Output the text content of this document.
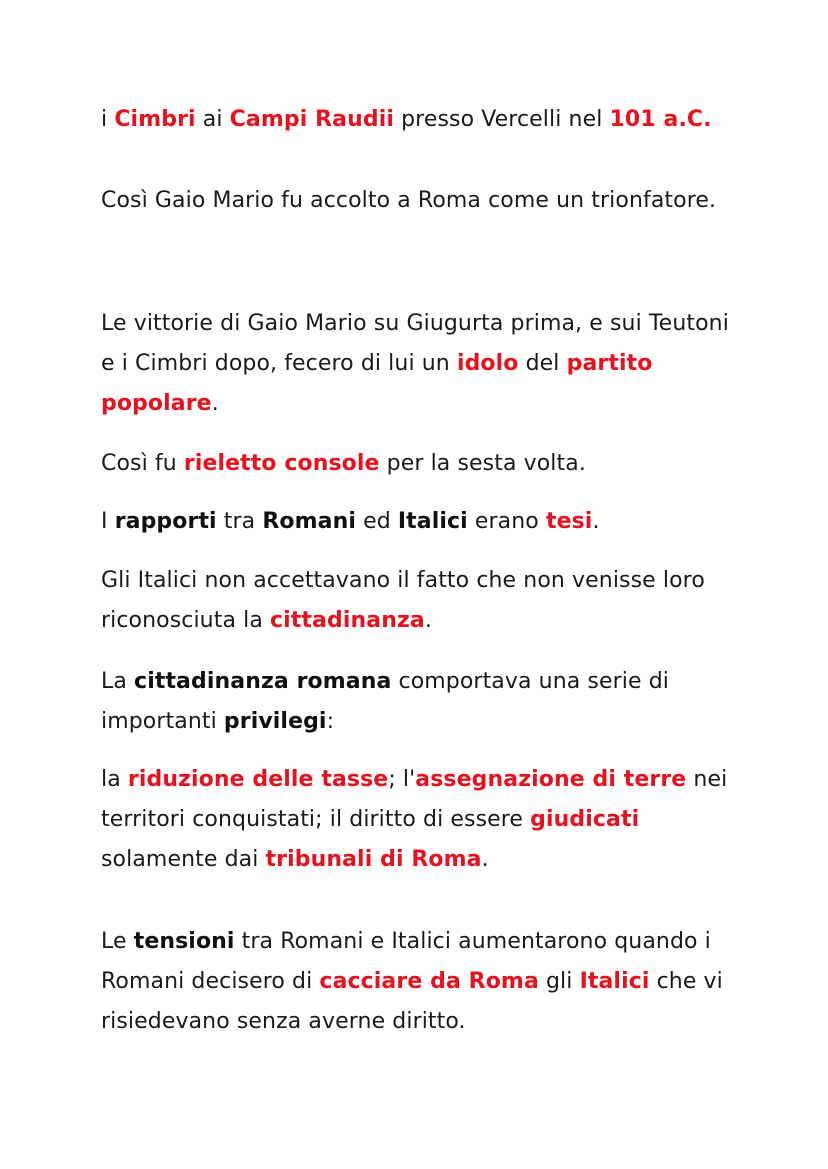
i Cimbri ai Campi Raudii presso Vercelli nel 101 a.C.

Così Gaio Mario fu accolto a Roma come un trionfatore.

Le vittorie di Gaio Mario su Giugurta prima, e sui Teutoni e i Cimbri dopo, fecero di lui un idolo del partito popolare.

Così fu rieletto console per la sesta volta.

I rapporti tra Romani ed Italici erano tesi.

Gli Italici non accettavano il fatto che non venisse loro riconosciuta la cittadinanza.

La cittadinanza romana comportava una serie di importanti privilegi:

la riduzione delle tasse; l'assegnazione di terre nei territori conquistati; il diritto di essere giudicati solamente dai tribunali di Roma.

Le tensioni tra Romani e Italici aumentarono quando i Romani decisero di cacciare da Roma gli Italici che vi risiedevano senza averne diritto.
